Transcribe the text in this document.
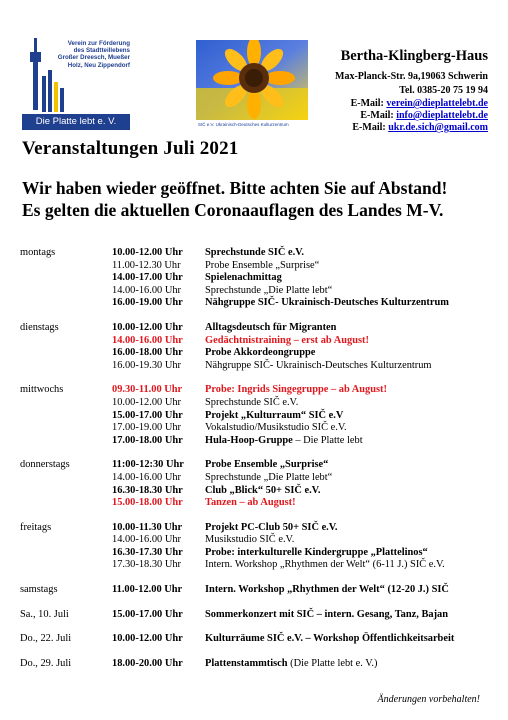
Verein zur Förderung
des Stadtteillebens
Großer Dreesch, Mueßer
Holz, Neu Zippendorf
Die Platte lebt e. V.	SIČ e.V. Ukrainisch-Deutsches Kulturzentrum
Bertha-Klingberg-Haus
Max-Planck-Str. 9a,19063 Schwerin
Tel. 0385-20 75 19 94
E-Mail: verein@dieplattelebt.de
E-Mail: info@dieplattelebt.de
E-Mail: ukr.de.sich@gmail.com
Veranstaltungen Juli 2021
Wir haben wieder geöffnet. Bitte achten Sie auf Abstand!
Es gelten die aktuellen Coronaauflagen des Landes M-V.
montags	10.00-12.00 Uhr Sprechstunde SIČ e.V.
11.00-12.30 Uhr Probe Ensemble „Surprise“
14.00-17.00 Uhr Spielenachmittag
14.00-16.00 Uhr Sprechstunde „Die Platte lebt“
16.00-19.00 Uhr Nähgruppe SIČ- Ukrainisch-Deutsches Kulturzentrum
dienstags	10.00-12.00 Uhr Alltagsdeutsch für Migranten
14.00-16.00 Uhr Gedächtnistraining – erst ab August!
16.00-18.00 Uhr Probe Akkordeongruppe
16.00-19.30 Uhr Nähgruppe SIČ- Ukrainisch-Deutsches Kulturzentrum
mittwochs	09.30-11.00 Uhr Probe: Ingrids Singegruppe – ab August!
10.00-12.00 Uhr Sprechstunde SIČ e.V.
15.00-17.00 Uhr Projekt „Kulturraum“ SIČ e.V
17.00-19.00 Uhr Vokalstudio/Musikstudio SIČ e.V.
17.00-18.00 Uhr Hula-Hoop-Gruppe – Die Platte lebt
donnerstags	11:00-12:30 Uhr Probe Ensemble „Surprise“
14.00-16.00 Uhr Sprechstunde „Die Platte lebt“
16.30-18.30 Uhr Club „Blick“ 50+ SIČ e.V.
15.00-18.00 Uhr Tanzen – ab August!
freitags	10.00-11.30 Uhr Projekt PC-Club 50+ SIČ e.V.
14.00-16.00 Uhr Musikstudio SIČ e.V.
16.30-17.30 Uhr Probe: interkulturelle Kindergruppe „Plattelinos“
17.30-18.30 Uhr Intern. Workshop „Rhythmen der Welt“ (6-11 J.) SIČ e.V.
samstags	11.00-12.00 Uhr Intern. Workshop „Rhythmen der Welt“ (12-20 J.) SIČ
Sa., 10. Juli	15.00-17.00 Uhr Sommerkonzert mit SIČ – intern. Gesang, Tanz, Bajan
Do., 22. Juli	10.00-12.00 Uhr Kulturräume SIČ e.V. – Workshop Öffentlichkeitsarbeit
Do., 29. Juli	18.00-20.00 Uhr Plattenstammtisch (Die Platte lebt e. V.)
Änderungen vorbehalten!
